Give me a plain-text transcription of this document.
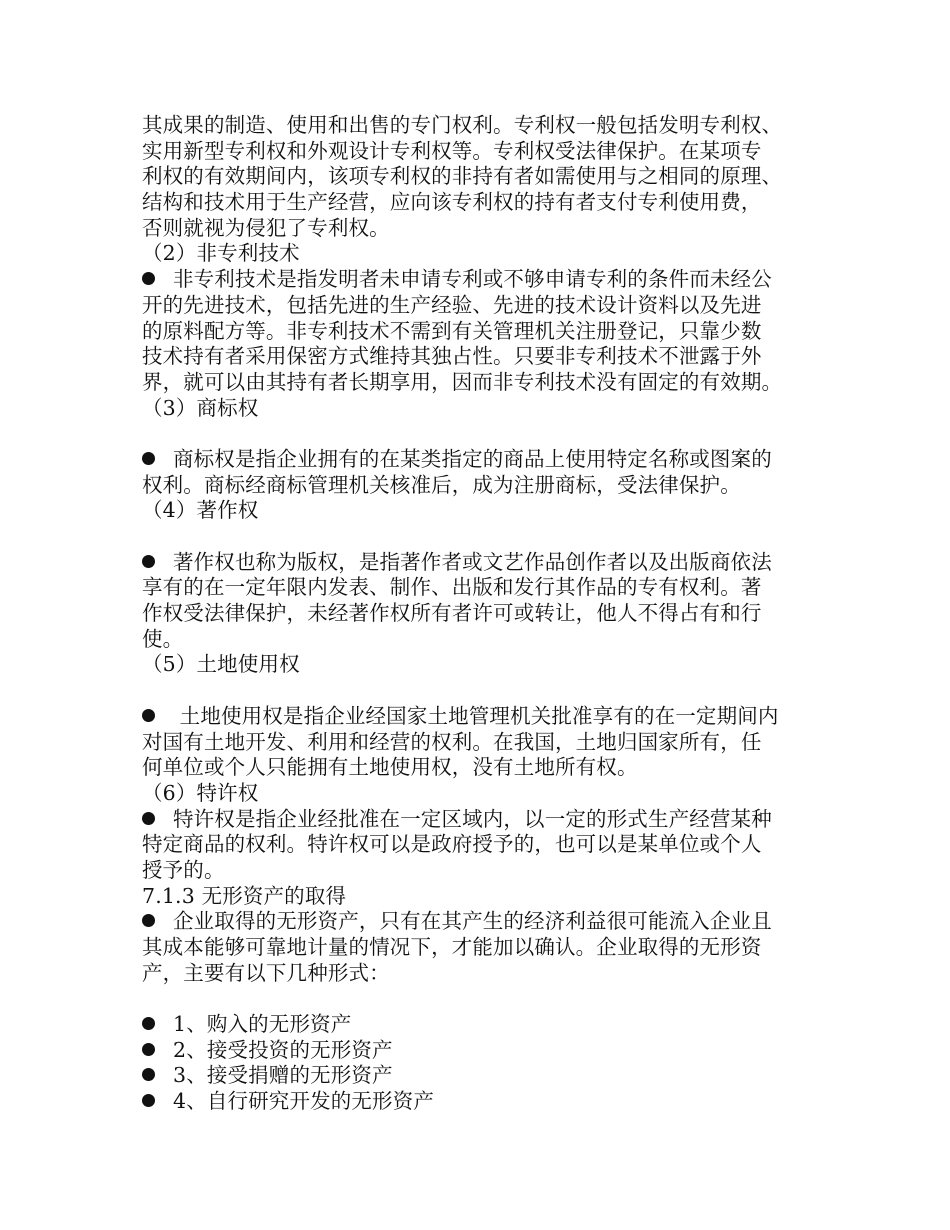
其成果的制造、使用和出售的专门权利。专利权一般包括发明专利权、
实用新型专利权和外观设计专利权等。专利权受法律保护。在某项专
利权的有效期间内，该项专利权的非持有者如需使用与之相同的原理、
结构和技术用于生产经营，应向该专利权的持有者支付专利使用费，
否则就视为侵犯了专利权。
（2）非专利技术
非专利技术是指发明者未申请专利或不够申请专利的条件而未经公
开的先进技术，包括先进的生产经验、先进的技术设计资料以及先进
的原料配方等。非专利技术不需到有关管理机关注册登记，只靠少数
技术持有者采用保密方式维持其独占性。只要非专利技术不泄露于外
界，就可以由其持有者长期享用，因而非专利技术没有固定的有效期。
（3）商标权
商标权是指企业拥有的在某类指定的商品上使用特定名称或图案的
权利。商标经商标管理机关核准后，成为注册商标，受法律保护。
（4）著作权
著作权也称为版权，是指著作者或文艺作品创作者以及出版商依法
享有的在一定年限内发表、制作、出版和发行其作品的专有权利。著
作权受法律保护，未经著作权所有者许可或转让，他人不得占有和行
使。
（5）土地使用权
土地使用权是指企业经国家土地管理机关批准享有的在一定期间内
对国有土地开发、利用和经营的权利。在我国，土地归国家所有，任
何单位或个人只能拥有土地使用权，没有土地所有权。
（6）特许权
特许权是指企业经批准在一定区域内，以一定的形式生产经营某种
特定商品的权利。特许权可以是政府授予的，也可以是某单位或个人
授予的。
7.1.3 无形资产的取得
企业取得的无形资产，只有在其产生的经济利益很可能流入企业且
其成本能够可靠地计量的情况下，才能加以确认。企业取得的无形资
产，主要有以下几种形式：
1、购入的无形资产
2、接受投资的无形资产
3、接受捐赠的无形资产
4、自行研究开发的无形资产
